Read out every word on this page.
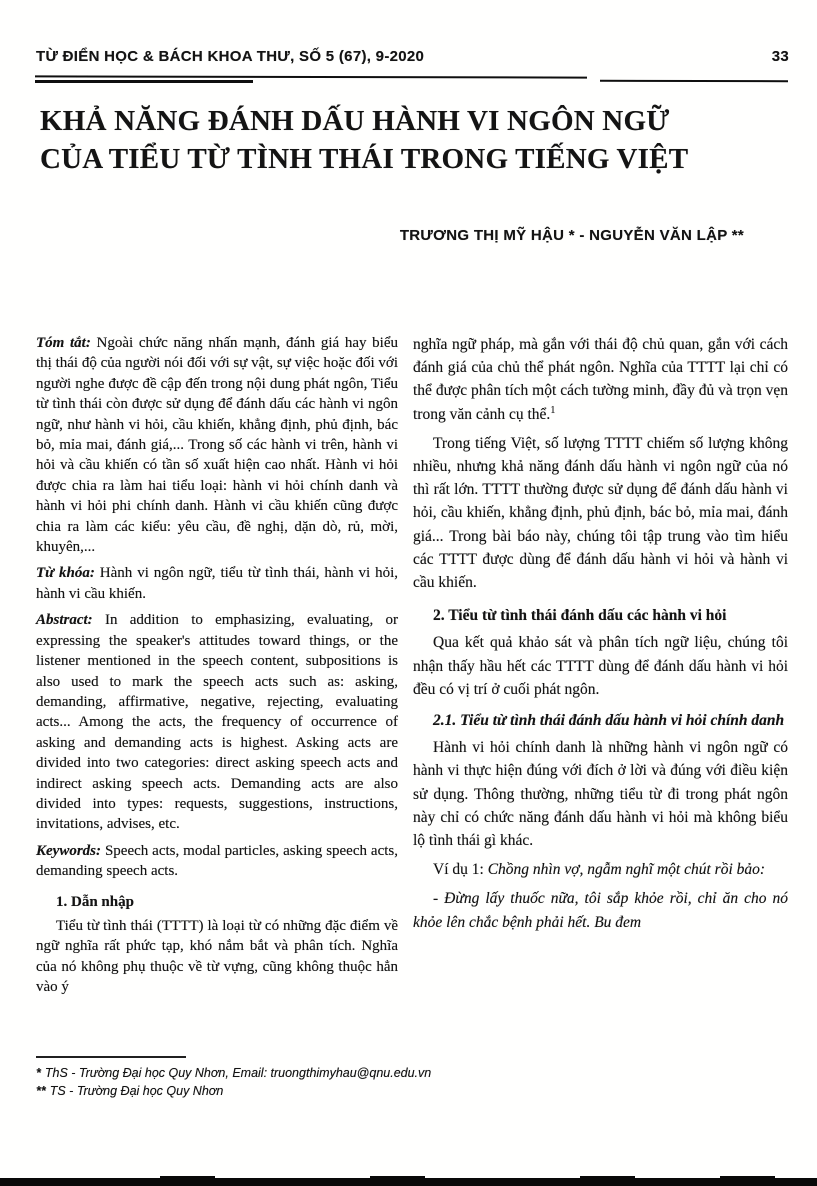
TỪ ĐIỂN HỌC & BÁCH KHOA THƯ, SỐ 5 (67), 9-2020	33
KHẢ NĂNG ĐÁNH DẤU HÀNH VI NGÔN NGỮ
CỦA TIỂU TỪ TÌNH THÁI TRONG TIẾNG VIỆT
TRƯƠNG THỊ MỸ HẬU * - NGUYỄN VĂN LẬP **

Tóm tắt: Ngoài chức năng nhấn mạnh, đánh giá hay biểu thị thái độ của người nói đối với sự vật, sự việc hoặc đối với người nghe được đề cập đến trong nội dung phát ngôn, Tiểu từ tình thái còn được sử dụng để đánh dấu các hành vi ngôn ngữ, như hành vi hỏi, cầu khiến, khẳng định, phủ định, bác bỏ, mỉa mai, đánh giá,... Trong số các hành vi trên, hành vi hỏi và cầu khiến có tần số xuất hiện cao nhất. Hành vi hỏi được chia ra làm hai tiểu loại: hành vi hỏi chính danh và hành vi hỏi phi chính danh. Hành vi cầu khiến cũng được chia ra làm các kiểu: yêu cầu, đề nghị, dặn dò, rủ, mời, khuyên,...

Từ khóa: Hành vi ngôn ngữ, tiểu từ tình thái, hành vi hỏi, hành vi cầu khiến.

Abstract: In addition to emphasizing, evaluating, or expressing the speaker's attitudes toward things, or the listener mentioned in the speech content, subpositions is also used to mark the speech acts such as: asking, demanding, affirmative, negative, rejecting, evaluating acts... Among the acts, the frequency of occurrence of asking and demanding acts is highest. Asking acts are divided into two categories: direct asking speech acts and indirect asking speech acts. Demanding acts are also divided into types: requests, suggestions, instructions, invitations, advises, etc.

Keywords: Speech acts, modal particles, asking speech acts, demanding speech acts.

1. Dẫn nhập

Tiểu từ tình thái (TTTT) là loại từ có những đặc điểm về ngữ nghĩa rất phức tạp, khó nắm bắt và phân tích. Nghĩa của nó không phụ thuộc về từ vựng, cũng không thuộc hẳn vào ý

nghĩa ngữ pháp, mà gắn với thái độ chủ quan, gắn với cách đánh giá của chủ thể phát ngôn. Nghĩa của TTTT lại chỉ có thể được phân tích một cách tường minh, đầy đủ và trọn vẹn trong văn cảnh cụ thể.$^1$

Trong tiếng Việt, số lượng TTTT chiếm số lượng không nhiều, nhưng khả năng đánh dấu hành vi ngôn ngữ của nó thì rất lớn. TTTT thường được sử dụng để đánh dấu hành vi hỏi, cầu khiến, khẳng định, phủ định, bác bỏ, mỉa mai, đánh giá... Trong bài báo này, chúng tôi tập trung vào tìm hiểu các TTTT được dùng để đánh dấu hành vi hỏi và hành vi cầu khiến.

2. Tiểu từ tình thái đánh dấu các hành vi hỏi

Qua kết quả khảo sát và phân tích ngữ liệu, chúng tôi nhận thấy hầu hết các TTTT dùng để đánh dấu hành vi hỏi đều có vị trí ở cuối phát ngôn.

2.1. Tiểu từ tình thái đánh dấu hành vi hỏi chính danh

Hành vi hỏi chính danh là những hành vi ngôn ngữ có hành vi thực hiện đúng với đích ở lời và đúng với điều kiện sử dụng. Thông thường, những tiểu từ đi trong phát ngôn này chỉ có chức năng đánh dấu hành vi hỏi mà không biểu lộ tình thái gì khác.

Ví dụ 1: Chồng nhìn vợ, ngẫm nghĩ một chút rồi bảo:

- Đừng lấy thuốc nữa, tôi sắp khỏe rồi, chỉ ăn cho nó khỏe lên chắc bệnh phải hết. Bu đem

* ThS - Trường Đại học Quy Nhơn, Email: truongthimyhau@qnu.edu.vn
** TS - Trường Đại học Quy Nhơn
